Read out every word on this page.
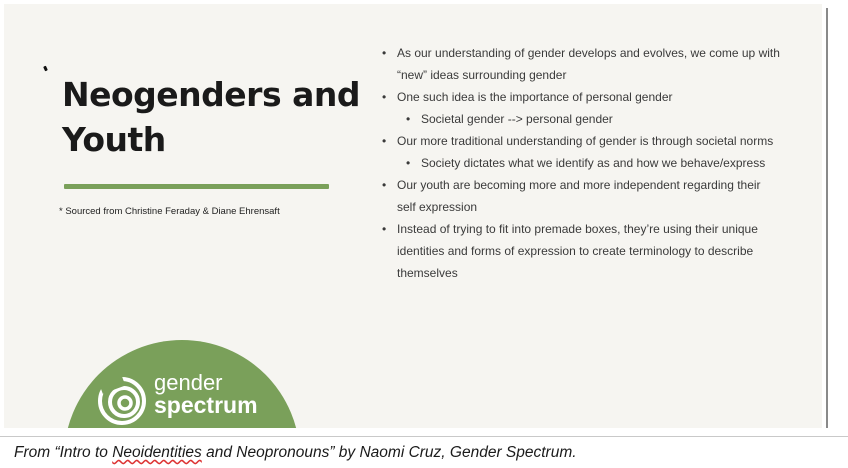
Neogenders and
Youth
* Sourced from Christine Feraday & Diane Ehrensaft
• As our understanding of gender develops and evolves, we come up with “new” ideas surrounding gender
• One such idea is the importance of personal gender
• Societal gender --> personal gender
• Our more traditional understanding of gender is through societal norms
• Society dictates what we identify as and how we behave/express
• Our youth are becoming more and more independent regarding their self expression
• Instead of trying to fit into premade boxes, they’re using their unique identities and forms of expression to create terminology to describe themselves
gender
spectrum
From “Intro to Neoidentities and Neopronouns” by Naomi Cruz, Gender Spectrum.
